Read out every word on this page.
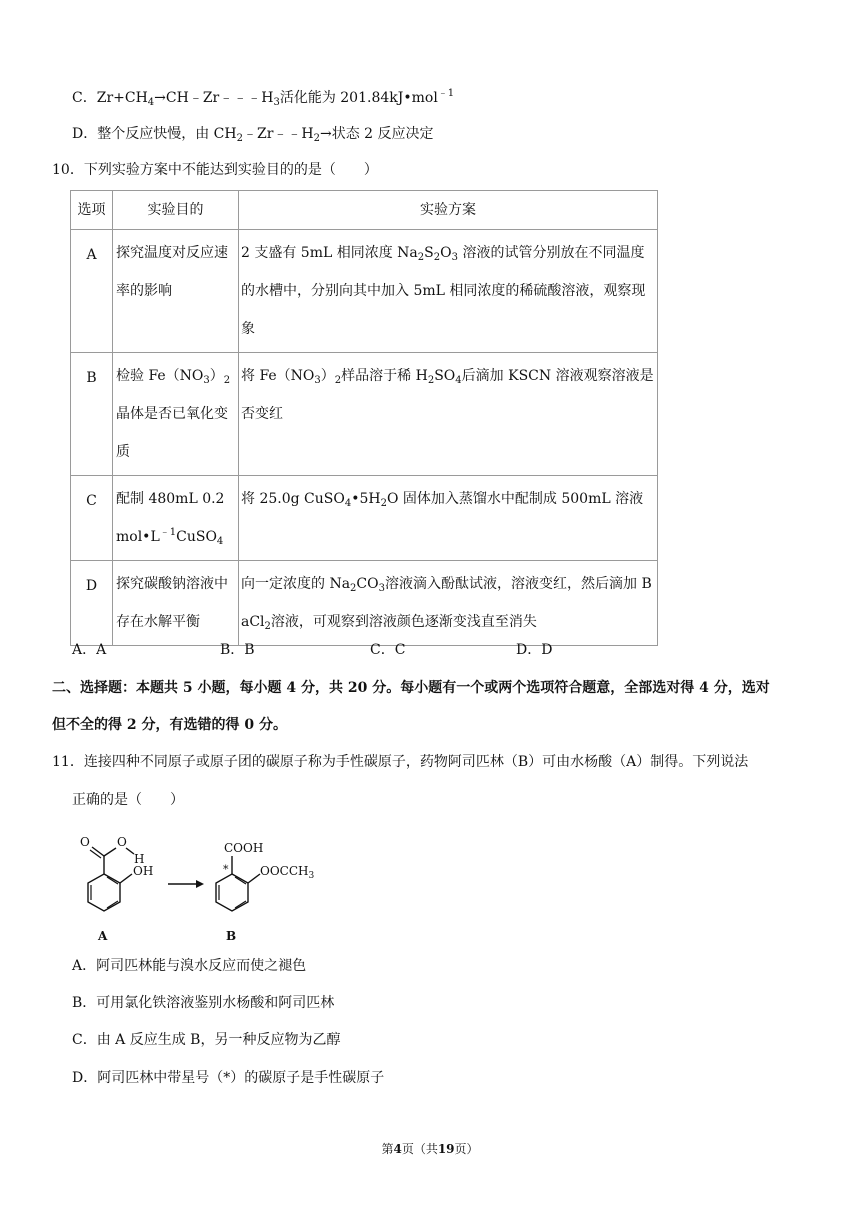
C．$Zr+CH_4\to CH﹣Zr﹣﹣﹣H_3$活化能为 201.84kJ•mol$^{﹣1}$
D．整个反应快慢，由 $CH_2﹣Zr﹣﹣H_2\to$状态 2 反应决定
10．下列实验方案中不能达到实验目的的是（　　）
选项	实验目的	实验方案
A	探究温度对反应速率的影响	2 支盛有 5mL 相同浓度 $Na_2S_2O_3$ 溶液的试管分别放在不同温度的水槽中，分别向其中加入 5mL 相同浓度的稀硫酸溶液，观察现象
B	检验 $Fe(NO_3)_2$晶体是否已氧化变质	将 $Fe(NO_3)_2$样品溶于稀 $H_2SO_4$后滴加 KSCN 溶液观察溶液是否变红
C	配制 480mL $0.2mol•L^{﹣1}CuSO_4$	将 25.0g $CuSO_4•5H_2O$ 固体加入蒸馏水中配制成 500mL 溶液
D	探究碳酸钠溶液中存在水解平衡	向一定浓度的 $Na_2CO_3$溶液滴入酚酞试液，溶液变红，然后滴加 BaCl$_2$溶液，可观察到溶液颜色逐渐变浅直至消失
A．A	B．B	C．C	D．D
二、选择题：本题共 5 小题，每小题 4 分，共 20 分。每小题有一个或两个选项符合题意，全部选对得 4 分，选对
但不全的得 2 分，有选错的得 0 分。
11．连接四种不同原子或原子团的碳原子称为手性碳原子，药物阿司匹林（B）可由水杨酸（A）制得。下列说法
正确的是（　　）
O O
H
OH
A
COOH
$OOCCH_3$
*
B
A．阿司匹林能与溴水反应而使之褪色
B．可用氯化铁溶液鉴别水杨酸和阿司匹林
C．由 A 反应生成 B，另一种反应物为乙醇
D．阿司匹林中带星号（*）的碳原子是手性碳原子
第4页（共19页）
